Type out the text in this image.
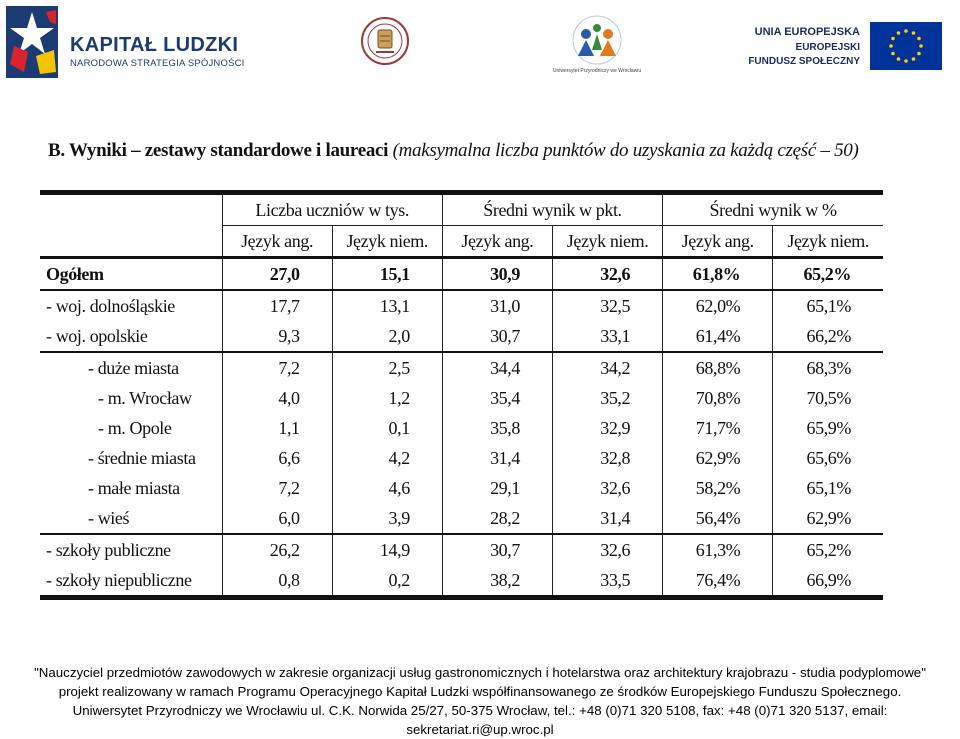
KAPITAŁ LUDZKI
NARODOWA STRATEGIA SPÓJNOŚCI
Uniwersytet Przyrodniczy we Wrocławiu
UNIA EUROPEJSKA
EUROPEJSKI
FUNDUSZ SPOŁECZNY
B. Wyniki – zestawy standardowe i laureaci (maksymalna liczba punktów do uzyskania za każdą część – 50)
	Liczba uczniów w tys.		Średni wynik w pkt.		Średni wynik w %	
	Język ang.	Język niem.	Język ang.	Język niem.	Język ang.	Język niem.
Ogółem	27,0	15,1	30,9	32,6	61,8%	65,2%
- woj. dolnośląskie	17,7	13,1	31,0	32,5	62,0%	65,1%
- woj. opolskie	9,3	2,0	30,7	33,1	61,4%	66,2%
- duże miasta	7,2	2,5	34,4	34,2	68,8%	68,3%
- m. Wrocław	4,0	1,2	35,4	35,2	70,8%	70,5%
- m. Opole	1,1	0,1	35,8	32,9	71,7%	65,9%
- średnie miasta	6,6	4,2	31,4	32,8	62,9%	65,6%
- małe miasta	7,2	4,6	29,1	32,6	58,2%	65,1%
- wieś	6,0	3,9	28,2	31,4	56,4%	62,9%
- szkoły publiczne	26,2	14,9	30,7	32,6	61,3%	65,2%
- szkoły niepubliczne	0,8	0,2	38,2	33,5	76,4%	66,9%
"Nauczyciel przedmiotów zawodowych w zakresie organizacji usług gastronomicznych i hotelarstwa oraz architektury krajobrazu - studia podyplomowe"
projekt realizowany w ramach Programu Operacyjnego Kapitał Ludzki współfinansowanego ze środków Europejskiego Funduszu Społecznego.
Uniwersytet Przyrodniczy we Wrocławiu ul. C.K. Norwida 25/27, 50-375 Wrocław, tel.: +48 (0)71 320 5108, fax: +48 (0)71 320 5137, email:
sekretariat.ri@up.wroc.pl
